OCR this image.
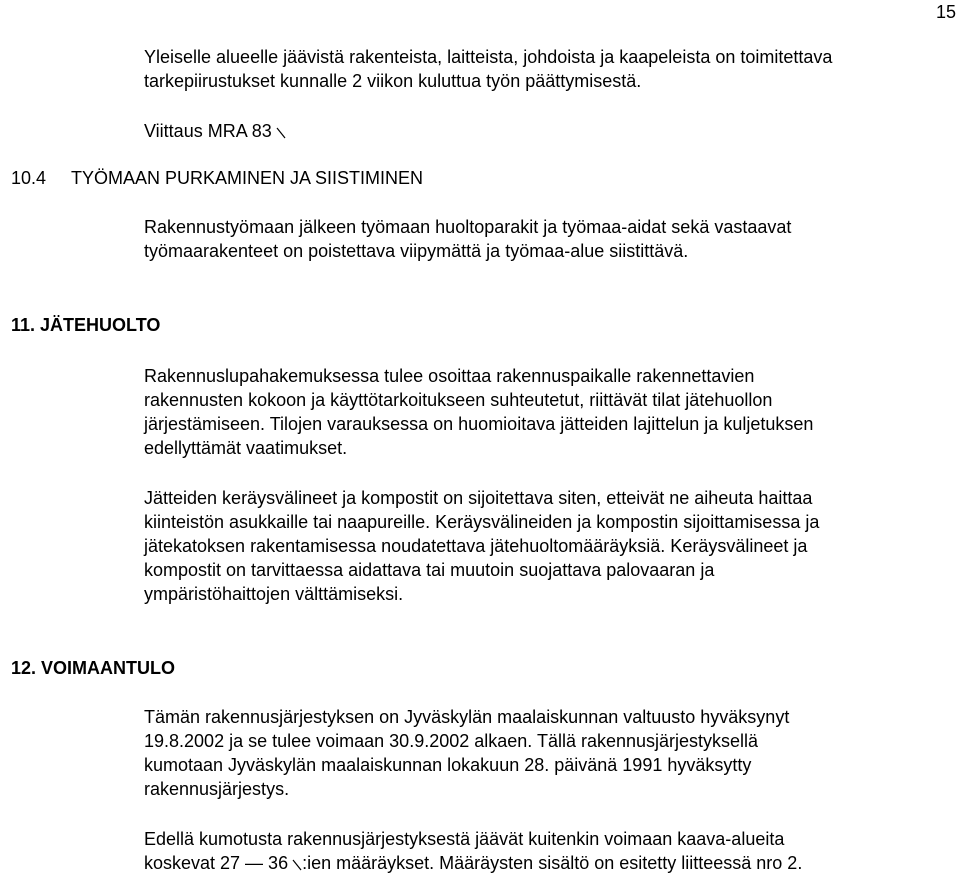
15

Yleiselle alueelle jäävistä rakenteista, laitteista, johdoista ja kaapeleista on toimitettava
tarkepiirustukset kunnalle 2 viikon kuluttua työn päättymisestä.

Viittaus MRA 83

10.4 TYÖMAAN PURKAMINEN JA SIISTIMINEN

Rakennustyömaan jälkeen työmaan huoltoparakit ja työmaa-aidat sekä vastaavat
työmaarakenteet on poistettava viipymättä ja työmaa-alue siistittävä.

11. JÄTEHUOLTO

Rakennuslupahakemuksessa tulee osoittaa rakennuspaikalle rakennettavien
rakennusten kokoon ja käyttötarkoitukseen suhteutetut, riittävät tilat jätehuollon
järjestämiseen. Tilojen varauksessa on huomioitava jätteiden lajittelun ja kuljetuksen
edellyttämät vaatimukset.

Jätteiden keräysvälineet ja kompostit on sijoitettava siten, etteivät ne aiheuta haittaa
kiinteistön asukkaille tai naapureille. Keräysvälineiden ja kompostin sijoittamisessa ja
jätekatoksen rakentamisessa noudatettava jätehuoltomääräyksiä. Keräysvälineet ja
kompostit on tarvittaessa aidattava tai muutoin suojattava palovaaran ja
ympäristöhaittojen välttämiseksi.

12. VOIMAANTULO

Tämän rakennusjärjestyksen on Jyväskylän maalaiskunnan valtuusto hyväksynyt
19.8.2002 ja se tulee voimaan 30.9.2002 alkaen. Tällä rakennusjärjestyksellä
kumotaan Jyväskylän maalaiskunnan lokakuun 28. päivänä 1991 hyväksytty
rakennusjärjestys.

Edellä kumotusta rakennusjärjestyksestä jäävät kuitenkin voimaan kaava-alueita
koskevat 27 — 36 :ien määräykset. Määräysten sisältö on esitetty liitteessä nro 2.
